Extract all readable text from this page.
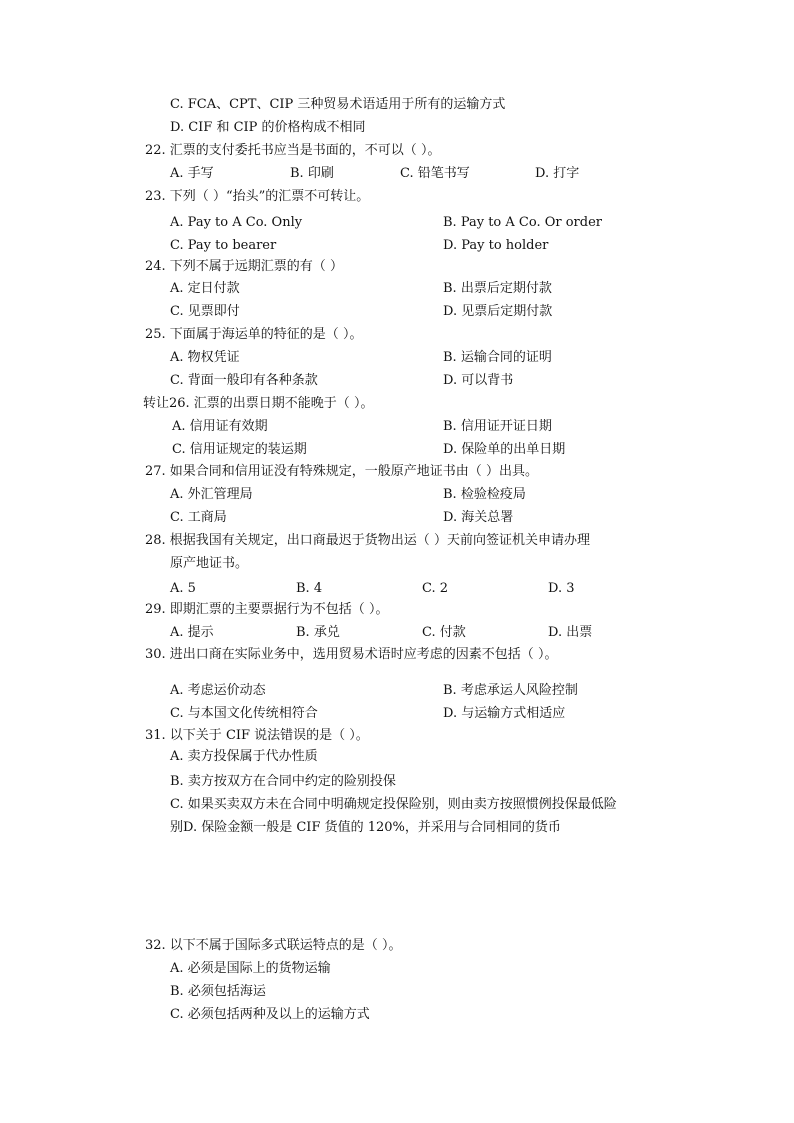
C. FCA、CPT、CIP 三种贸易术语适用于所有的运输方式
D. CIF 和 CIP 的价格构成不相同
22. 汇票的支付委托书应当是书面的，不可以（ ）。
A. 手写	B. 印刷	C. 铅笔书写	D. 打字
23. 下列（ ）“抬头”的汇票不可转让。
A. Pay to A Co. Only	B. Pay to A Co. Or order
C. Pay to bearer	D. Pay to holder
24. 下列不属于远期汇票的有（ ）
A. 定日付款	B. 出票后定期付款
C. 见票即付	D. 见票后定期付款
25. 下面属于海运单的特征的是（ ）。
A. 物权凭证	B. 运输合同的证明
C. 背面一般印有各种条款	D. 可以背书
转让26. 汇票的出票日期不能晚于（ ）。
A. 信用证有效期	B. 信用证开证日期
C. 信用证规定的装运期	D. 保险单的出单日期
27. 如果合同和信用证没有特殊规定，一般原产地证书由（ ）出具。
A. 外汇管理局	B. 检验检疫局
C. 工商局	D. 海关总署
28. 根据我国有关规定，出口商最迟于货物出运（ ）天前向签证机关申请办理
原产地证书。
A. 5	B. 4	C. 2	D. 3
29. 即期汇票的主要票据行为不包括（ ）。
A. 提示	B. 承兑	C. 付款	D. 出票
30. 进出口商在实际业务中，选用贸易术语时应考虑的因素不包括（ ）。
A. 考虑运价动态	B. 考虑承运人风险控制
C. 与本国文化传统相符合	D. 与运输方式相适应
31. 以下关于 CIF 说法错误的是（ ）。
A. 卖方投保属于代办性质
B. 卖方按双方在合同中约定的险别投保
C. 如果买卖双方未在合同中明确规定投保险别，则由卖方按照惯例投保最低险
别D. 保险金额一般是 CIF 货值的 120%，并采用与合同相同的货币
32. 以下不属于国际多式联运特点的是（ ）。
A. 必须是国际上的货物运输
B. 必须包括海运
C. 必须包括两种及以上的运输方式
